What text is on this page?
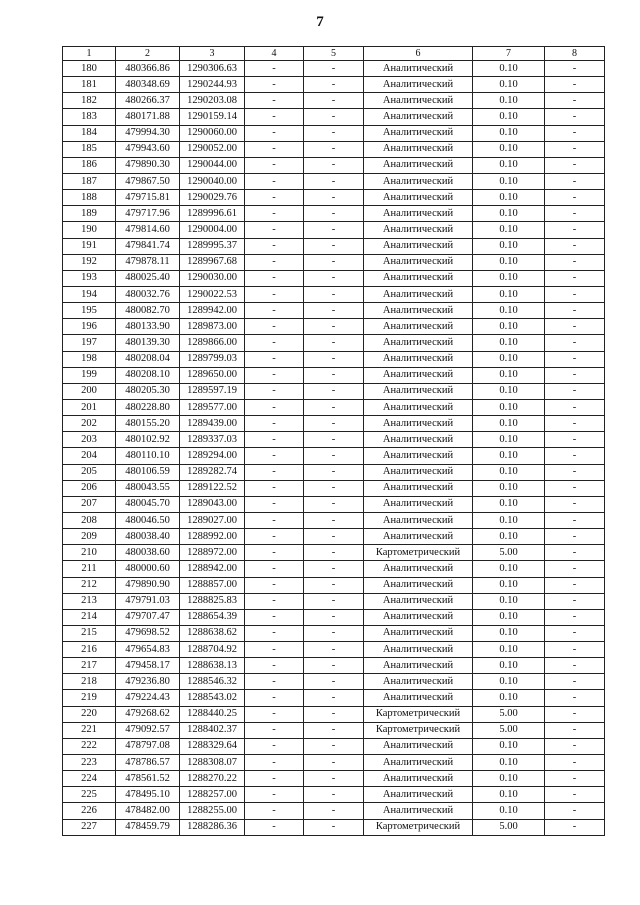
7
1	2	3	4	5	6	7	8
180	480366.86	1290306.63	-	-	Аналитический	0.10	-
181	480348.69	1290244.93	-	-	Аналитический	0.10	-
182	480266.37	1290203.08	-	-	Аналитический	0.10	-
183	480171.88	1290159.14	-	-	Аналитический	0.10	-
184	479994.30	1290060.00	-	-	Аналитический	0.10	-
185	479943.60	1290052.00	-	-	Аналитический	0.10	-
186	479890.30	1290044.00	-	-	Аналитический	0.10	-
187	479867.50	1290040.00	-	-	Аналитический	0.10	-
188	479715.81	1290029.76	-	-	Аналитический	0.10	-
189	479717.96	1289996.61	-	-	Аналитический	0.10	-
190	479814.60	1290004.00	-	-	Аналитический	0.10	-
191	479841.74	1289995.37	-	-	Аналитический	0.10	-
192	479878.11	1289967.68	-	-	Аналитический	0.10	-
193	480025.40	1290030.00	-	-	Аналитический	0.10	-
194	480032.76	1290022.53	-	-	Аналитический	0.10	-
195	480082.70	1289942.00	-	-	Аналитический	0.10	-
196	480133.90	1289873.00	-	-	Аналитический	0.10	-
197	480139.30	1289866.00	-	-	Аналитический	0.10	-
198	480208.04	1289799.03	-	-	Аналитический	0.10	-
199	480208.10	1289650.00	-	-	Аналитический	0.10	-
200	480205.30	1289597.19	-	-	Аналитический	0.10	-
201	480228.80	1289577.00	-	-	Аналитический	0.10	-
202	480155.20	1289439.00	-	-	Аналитический	0.10	-
203	480102.92	1289337.03	-	-	Аналитический	0.10	-
204	480110.10	1289294.00	-	-	Аналитический	0.10	-
205	480106.59	1289282.74	-	-	Аналитический	0.10	-
206	480043.55	1289122.52	-	-	Аналитический	0.10	-
207	480045.70	1289043.00	-	-	Аналитический	0.10	-
208	480046.50	1289027.00	-	-	Аналитический	0.10	-
209	480038.40	1288992.00	-	-	Аналитический	0.10	-
210	480038.60	1288972.00	-	-	Картометрический	5.00	-
211	480000.60	1288942.00	-	-	Аналитический	0.10	-
212	479890.90	1288857.00	-	-	Аналитический	0.10	-
213	479791.03	1288825.83	-	-	Аналитический	0.10	-
214	479707.47	1288654.39	-	-	Аналитический	0.10	-
215	479698.52	1288638.62	-	-	Аналитический	0.10	-
216	479654.83	1288704.92	-	-	Аналитический	0.10	-
217	479458.17	1288638.13	-	-	Аналитический	0.10	-
218	479236.80	1288546.32	-	-	Аналитический	0.10	-
219	479224.43	1288543.02	-	-	Аналитический	0.10	-
220	479268.62	1288440.25	-	-	Картометрический	5.00	-
221	479092.57	1288402.37	-	-	Картометрический	5.00	-
222	478797.08	1288329.64	-	-	Аналитический	0.10	-
223	478786.57	1288308.07	-	-	Аналитический	0.10	-
224	478561.52	1288270.22	-	-	Аналитический	0.10	-
225	478495.10	1288257.00	-	-	Аналитический	0.10	-
226	478482.00	1288255.00	-	-	Аналитический	0.10	-
227	478459.79	1288286.36	-	-	Картометрический	5.00	-
